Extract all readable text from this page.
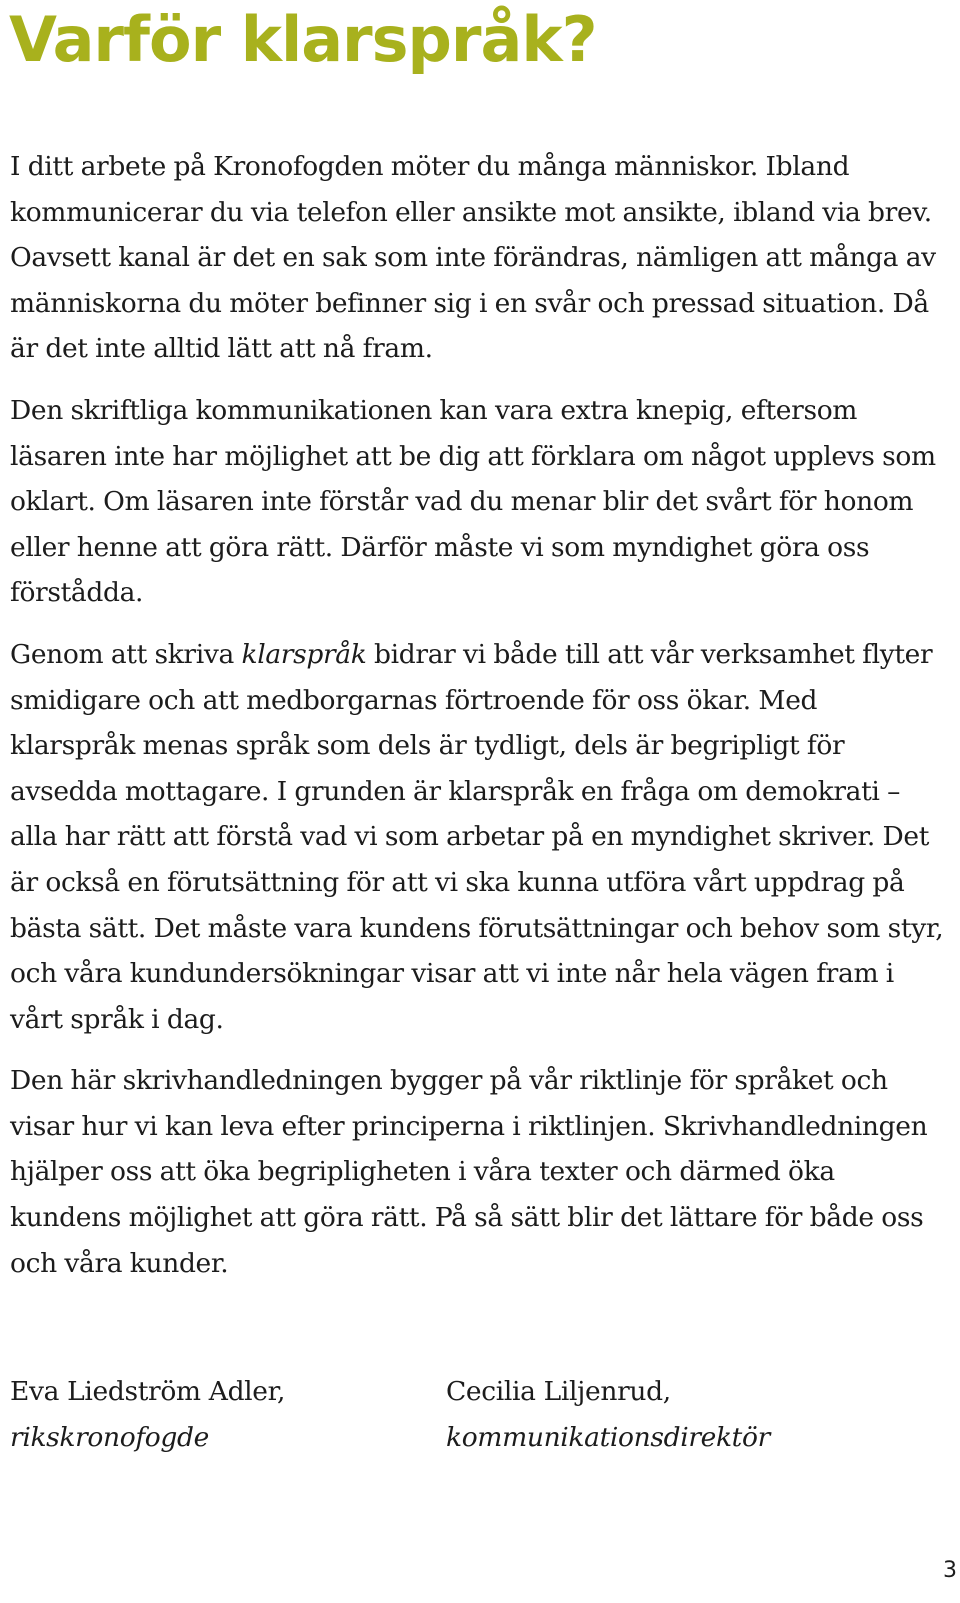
Varför klarspråk?

I ditt arbete på Kronofogden möter du många människor. Ibland kommunicerar du via telefon eller ansikte mot ansikte, ibland via brev. Oavsett kanal är det en sak som inte förändras, nämligen att många av människorna du möter befinner sig i en svår och pressad situation. Då är det inte alltid lätt att nå fram.

Den skriftliga kommunikationen kan vara extra knepig, eftersom läsaren inte har möjlighet att be dig att förklara om något upplevs som oklart. Om läsaren inte förstår vad du menar blir det svårt för honom eller henne att göra rätt. Därför måste vi som myndighet göra oss förstådda.

Genom att skriva klarspråk bidrar vi både till att vår verksamhet flyter smidigare och att medborgarnas förtroende för oss ökar. Med klarspråk menas språk som dels är tydligt, dels är begripligt för avsedda mottagare. I grunden är klarspråk en fråga om demokrati – alla har rätt att förstå vad vi som arbetar på en myndighet skriver. Det är också en förutsättning för att vi ska kunna utföra vårt uppdrag på bästa sätt. Det måste vara kundens förutsättningar och behov som styr, och våra kundundersökningar visar att vi inte når hela vägen fram i vårt språk i dag.

Den här skrivhandledningen bygger på vår riktlinje för språket och visar hur vi kan leva efter principerna i riktlinjen. Skrivhandledningen hjälper oss att öka begripligheten i våra texter och därmed öka kundens möjlighet att göra rätt. På så sätt blir det lättare för både oss och våra kunder.

Eva Liedström Adler,
rikskronofogde
Cecilia Liljenrud,
kommunikationsdirektör
3
